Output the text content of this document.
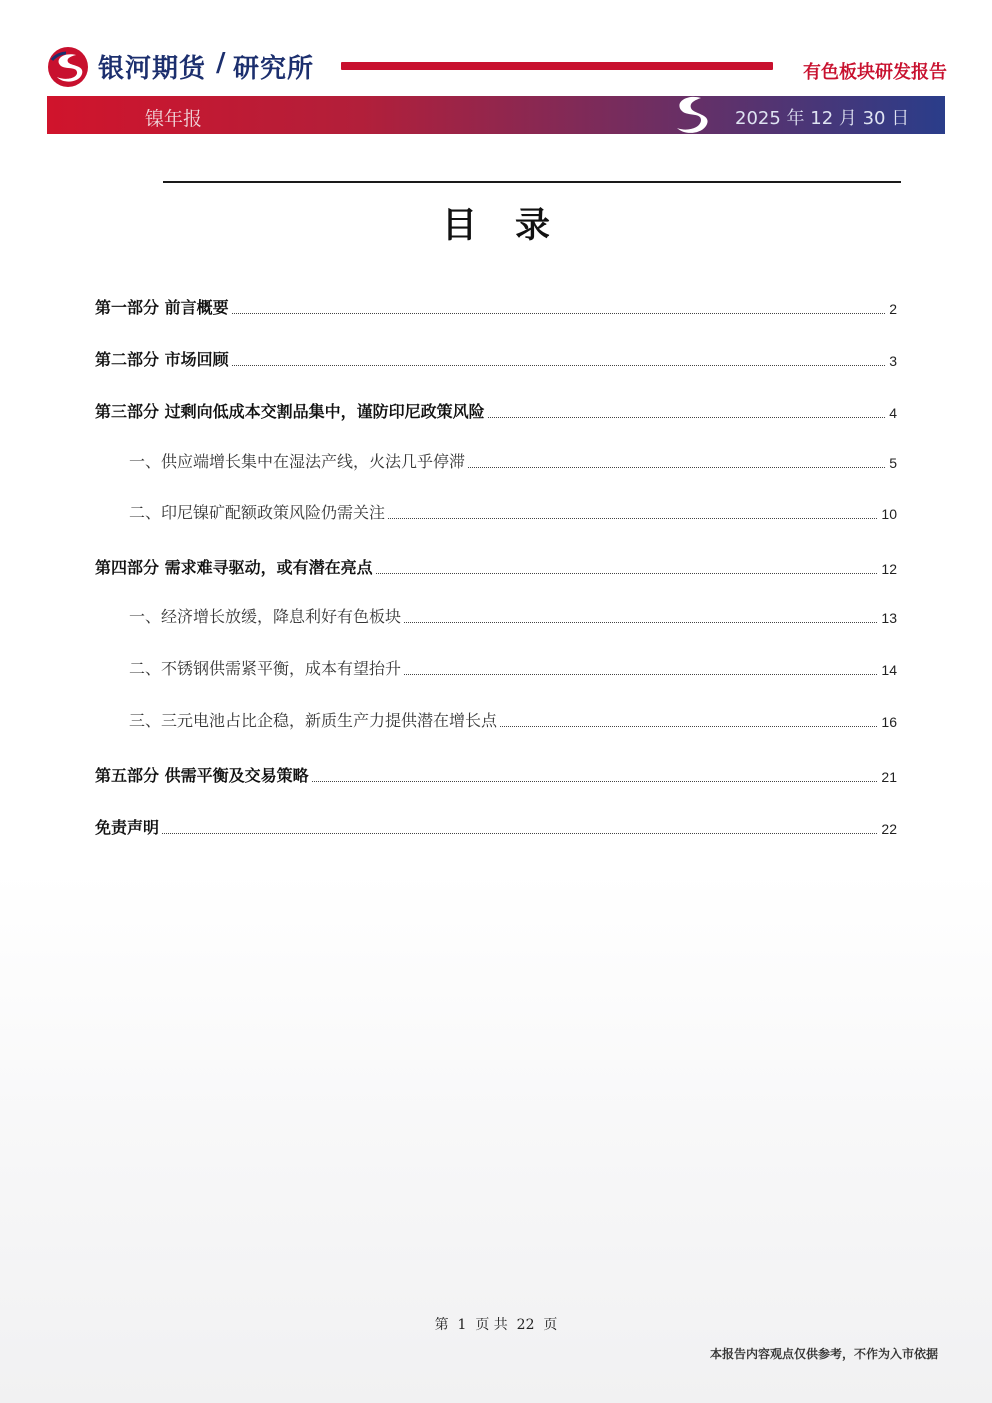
银河期货 / 研究所	有色板块研发报告
镍年报	2025 年 12 月 30 日
目录
第一部分 前言概要	2
第二部分 市场回顾	3
第三部分 过剩向低成本交割品集中，谨防印尼政策风险	4
一、供应端增长集中在湿法产线，火法几乎停滞	5
二、印尼镍矿配额政策风险仍需关注	10
第四部分 需求难寻驱动，或有潜在亮点	12
一、经济增长放缓，降息利好有色板块	13
二、不锈钢供需紧平衡，成本有望抬升	14
三、三元电池占比企稳，新质生产力提供潜在增长点	16
第五部分 供需平衡及交易策略	21
免责声明	22
第  1  页 共  22  页
本报告内容观点仅供参考，不作为入市依据
